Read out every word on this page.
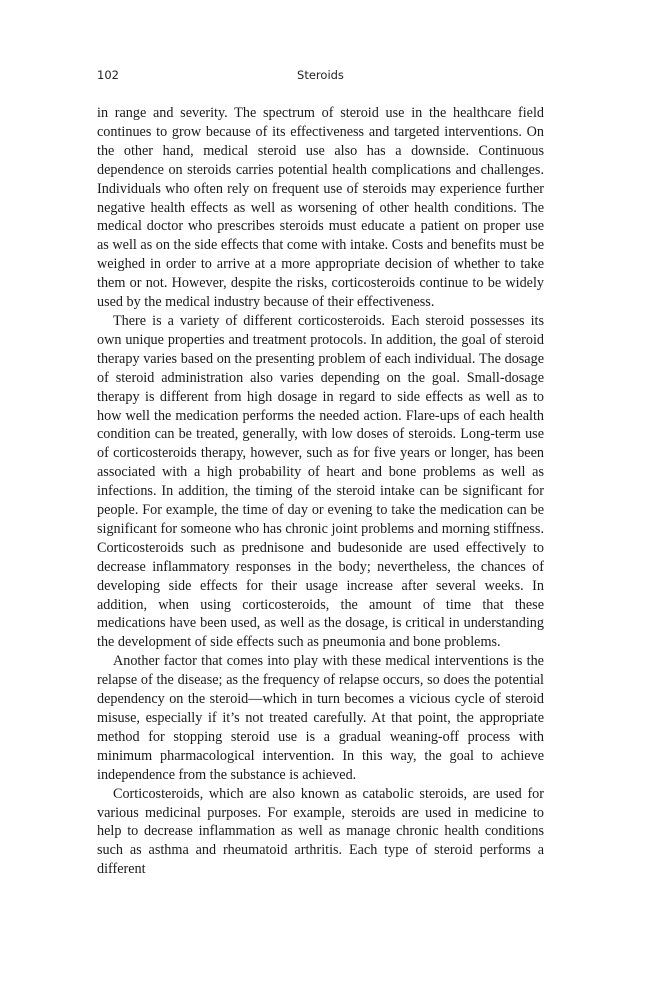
102	Steroids

in range and severity. The spectrum of steroid use in the healthcare field continues to grow because of its effectiveness and targeted interventions. On the other hand, medical steroid use also has a downside. Continuous dependence on steroids carries potential health complications and challenges. Individuals who often rely on frequent use of steroids may experience further negative health effects as well as worsening of other health conditions. The medical doctor who prescribes steroids must educate a patient on proper use as well as on the side effects that come with intake. Costs and benefits must be weighed in order to arrive at a more appropriate decision of whether to take them or not. However, despite the risks, corticosteroids continue to be widely used by the medical industry because of their effectiveness.

There is a variety of different corticosteroids. Each steroid possesses its own unique properties and treatment protocols. In addition, the goal of steroid therapy varies based on the presenting problem of each individual. The dosage of steroid administration also varies depending on the goal. Small-dosage therapy is different from high dosage in regard to side effects as well as to how well the medication performs the needed action. Flare-ups of each health condition can be treated, generally, with low doses of steroids. Long-term use of corticosteroids therapy, however, such as for five years or longer, has been associated with a high probability of heart and bone problems as well as infections. In addition, the timing of the steroid intake can be significant for people. For example, the time of day or evening to take the medication can be significant for someone who has chronic joint problems and morning stiffness. Corticosteroids such as prednisone and budesonide are used effectively to decrease inflammatory responses in the body; nevertheless, the chances of developing side effects for their usage increase after several weeks. In addition, when using corticosteroids, the amount of time that these medications have been used, as well as the dosage, is critical in understanding the development of side effects such as pneumonia and bone problems.

Another factor that comes into play with these medical interventions is the relapse of the disease; as the frequency of relapse occurs, so does the potential dependency on the steroid—which in turn becomes a vicious cycle of steroid misuse, especially if it’s not treated carefully. At that point, the appropriate method for stopping steroid use is a gradual weaning-off process with minimum pharmacological intervention. In this way, the goal to achieve independence from the substance is achieved.

Corticosteroids, which are also known as catabolic steroids, are used for various medicinal purposes. For example, steroids are used in medicine to help to decrease inflammation as well as manage chronic health conditions such as asthma and rheumatoid arthritis. Each type of steroid performs a different
